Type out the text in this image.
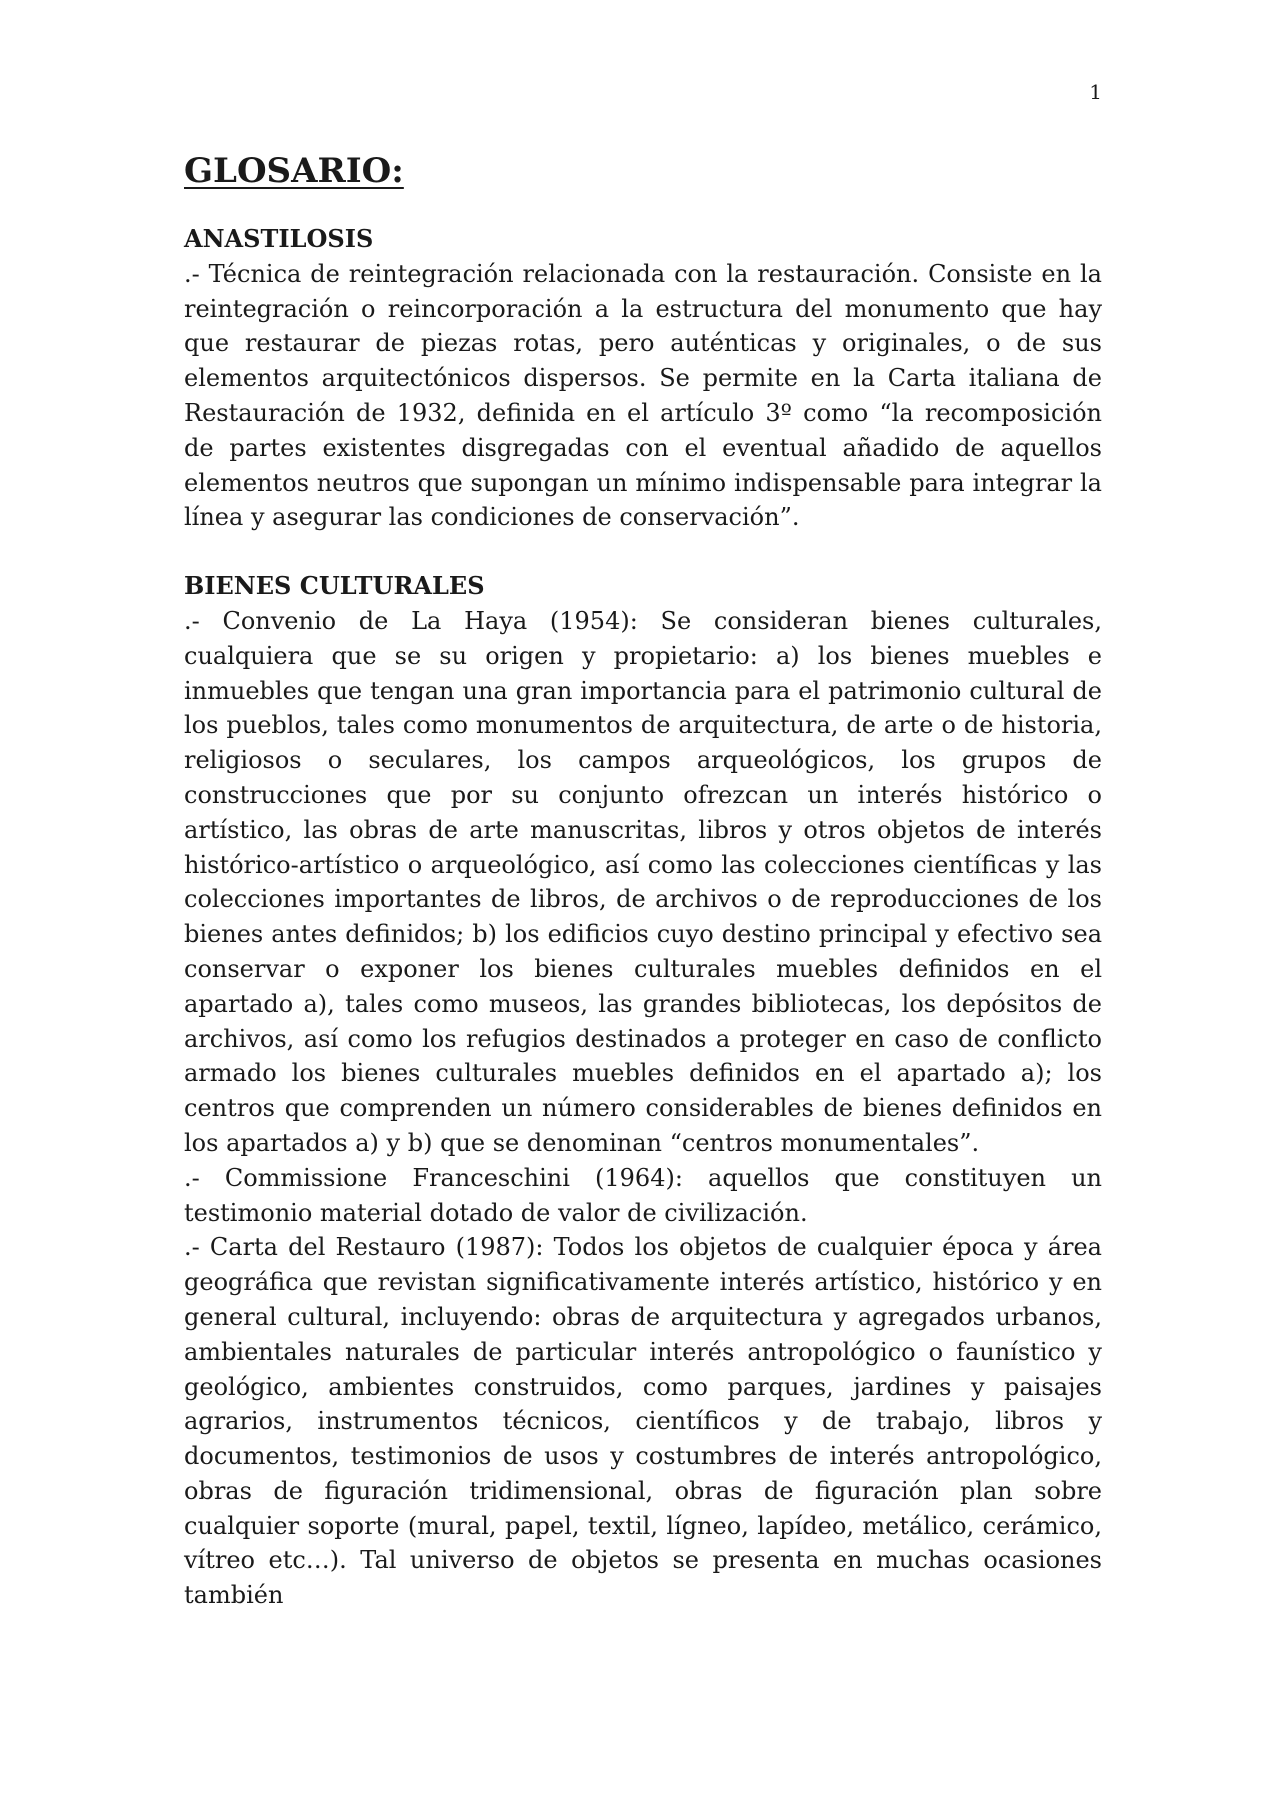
1
GLOSARIO:

ANASTILOSIS

.- Técnica de reintegración relacionada con la restauración. Consiste en la reintegración o reincorporación a la estructura del monumento que hay que restaurar de piezas rotas, pero auténticas y originales, o de sus elementos arquitectónicos dispersos. Se permite en la Carta italiana de Restauración de 1932, definida en el artículo 3º como “la recomposición de partes existentes disgregadas con el eventual añadido de aquellos elementos neutros que supongan un mínimo indispensable para integrar la línea y asegurar las condiciones de conservación”.

BIENES CULTURALES

.- Convenio de La Haya (1954): Se consideran bienes culturales, cualquiera que se su origen y propietario: a) los bienes muebles e inmuebles que tengan una gran importancia para el patrimonio cultural de los pueblos, tales como monumentos de arquitectura, de arte o de historia, religiosos o seculares, los campos arqueológicos, los grupos de construcciones que por su conjunto ofrezcan un interés histórico o artístico, las obras de arte manuscritas, libros y otros objetos de interés histórico-artístico o arqueológico, así como las colecciones científicas y las colecciones importantes de libros, de archivos o de reproducciones de los bienes antes definidos; b) los edificios cuyo destino principal y efectivo sea conservar o exponer los bienes culturales muebles definidos en el apartado a), tales como museos, las grandes bibliotecas, los depósitos de archivos, así como los refugios destinados a proteger en caso de conflicto armado los bienes culturales muebles definidos en el apartado a); los centros que comprenden un número considerables de bienes definidos en los apartados a) y b) que se denominan “centros monumentales”.

.- Commissione Franceschini (1964): aquellos que constituyen un testimonio material dotado de valor de civilización.

.- Carta del Restauro (1987): Todos los objetos de cualquier época y área geográfica que revistan significativamente interés artístico, histórico y en general cultural, incluyendo: obras de arquitectura y agregados urbanos, ambientales naturales de particular interés antropológico o faunístico y geológico, ambientes construidos, como parques, jardines y paisajes agrarios, instrumentos técnicos, científicos y de trabajo, libros y documentos, testimonios de usos y costumbres de interés antropológico, obras de figuración tridimensional, obras de figuración plan sobre cualquier soporte (mural, papel, textil, lígneo, lapídeo, metálico, cerámico, vítreo etc…). Tal universo de objetos se presenta en muchas ocasiones también
